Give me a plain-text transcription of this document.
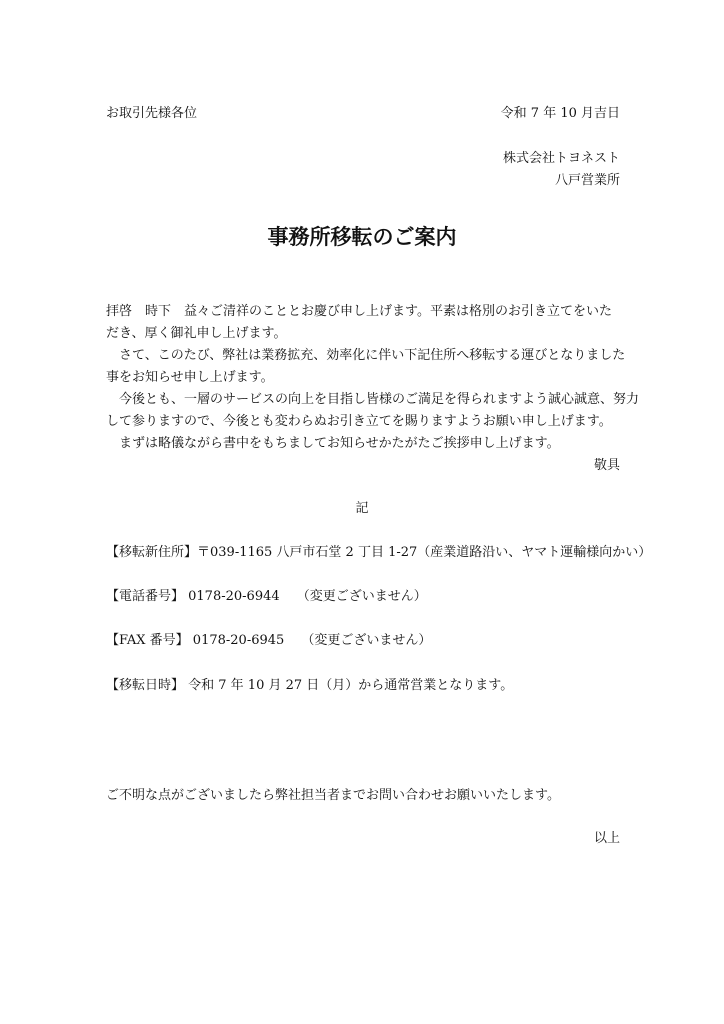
お取引先様各位	令和 7 年 10 月吉日

株式会社トヨネスト

八戸営業所

事務所移転のご案内

拝啓　時下　益々ご清祥のこととお慶び申し上げます。平素は格別のお引き立てをいた

だき、厚く御礼申し上げます。

さて、このたび、弊社は業務拡充、効率化に伴い下記住所へ移転する運びとなりました

事をお知らせ申し上げます。

今後とも、一層のサービスの向上を目指し皆様のご満足を得られますよう誠心誠意、努力

して参りますので、今後とも変わらぬお引き立てを賜りますようお願い申し上げます。

まずは略儀ながら書中をもちましてお知らせかたがたご挨拶申し上げます。

敬具

記

【移転新住所】〒039-1165 八戸市石堂 2 丁目 1-27（産業道路沿い、ヤマト運輸様向かい）

【電話番号】 0178-20-6944　 （変更ございません）

【FAX 番号】 0178-20-6945　 （変更ございません）

【移転日時】 令和 7 年 10 月 27 日（月）から通常営業となります。

ご不明な点がございましたら弊社担当者までお問い合わせお願いいたします。

以上
